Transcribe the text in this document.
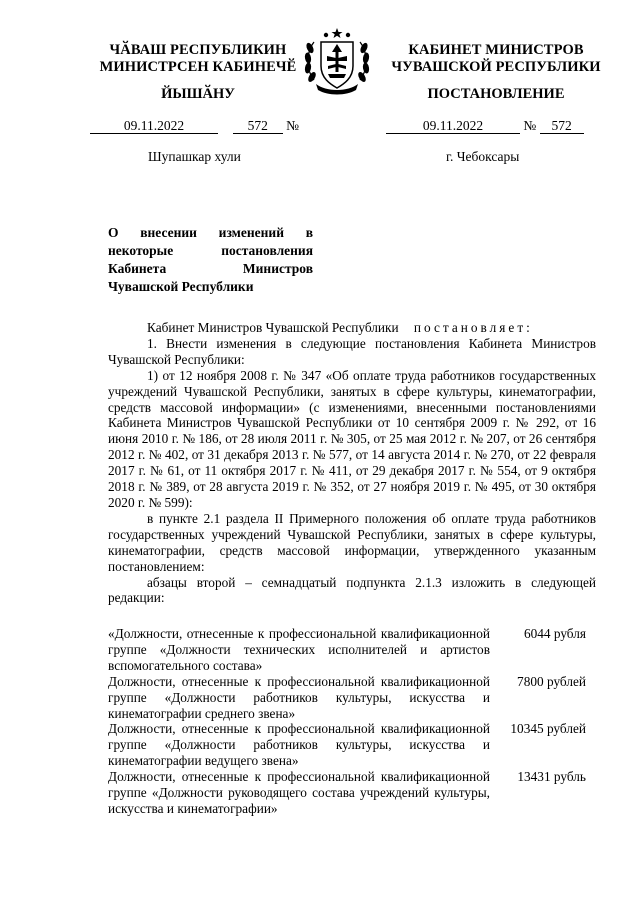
ЧӐВАШ РЕСПУБЛИКИН
МИНИСТРСЕН КАБИНЕЧӖ
КАБИНЕТ МИНИСТРОВ
ЧУВАШСКОЙ РЕСПУБЛИКИ
ЙЫШӐНУ	ПОСТАНОВЛЕНИЕ
09.11.2022	572 №	09.11.2022	№ 572
Шупашкар хули	г. Чебоксары
О внесении изменений в некоторые постановления Кабинета Министров Чувашской Республики

Кабинет Министров Чувашской Республики постановляет:

1. Внести изменения в следующие постановления Кабинета Министров Чувашской Республики:

1) от 12 ноября 2008 г. № 347 «Об оплате труда работников государственных учреждений Чувашской Республики, занятых в сфере культуры, кинематографии, средств массовой информации» (с изменениями, внесенными постановлениями Кабинета Министров Чувашской Республики от 10 сентября 2009 г. № 292, от 16 июня 2010 г. № 186, от 28 июля 2011 г. № 305, от 25 мая 2012 г. № 207, от 26 сентября 2012 г. № 402, от 31 декабря 2013 г. № 577, от 14 августа 2014 г. № 270, от 22 февраля 2017 г. № 61, от 11 октября 2017 г. № 411, от 29 декабря 2017 г. № 554, от 9 октября 2018 г. № 389, от 28 августа 2019 г. № 352, от 27 ноября 2019 г. № 495, от 30 октября 2020 г. № 599):

в пункте 2.1 раздела II Примерного положения об оплате труда работников государственных учреждений Чувашской Республики, занятых в сфере культуры, кинематографии, средств массовой информации, утвержденного указанным постановлением:

абзацы второй – семнадцатый подпункта 2.1.3 изложить в следующей редакции:

«Должности, отнесенные к профессиональной квалификационной группе «Должности технических исполнителей и артистов вспомогательного состава»
6044 рубля
Должности, отнесенные к профессиональной квалификационной группе «Должности работников культуры, искусства и кинематографии среднего звена»
7800 рублей
Должности, отнесенные к профессиональной квалификационной группе «Должности работников культуры, искусства и кинематографии ведущего звена»
10345 рублей
Должности, отнесенные к профессиональной квалификационной группе «Должности руководящего состава учреждений культуры, искусства и кинематографии»
13431 рубль
